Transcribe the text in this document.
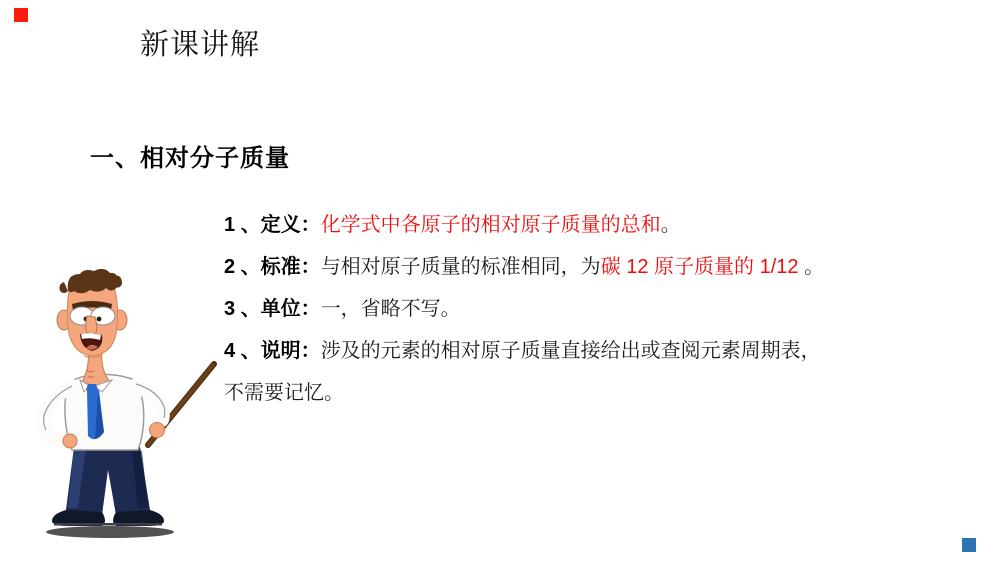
新课讲解
一、相对分子质量
1 、定义：化学式中各原子的相对原子质量的总和。
2 、标准：与相对原子质量的标准相同，为碳 12 原子质量的 1/12 。
3 、单位：一，省略不写。
4 、说明：涉及的元素的相对原子质量直接给出或查阅元素周期表，
不需要记忆。
